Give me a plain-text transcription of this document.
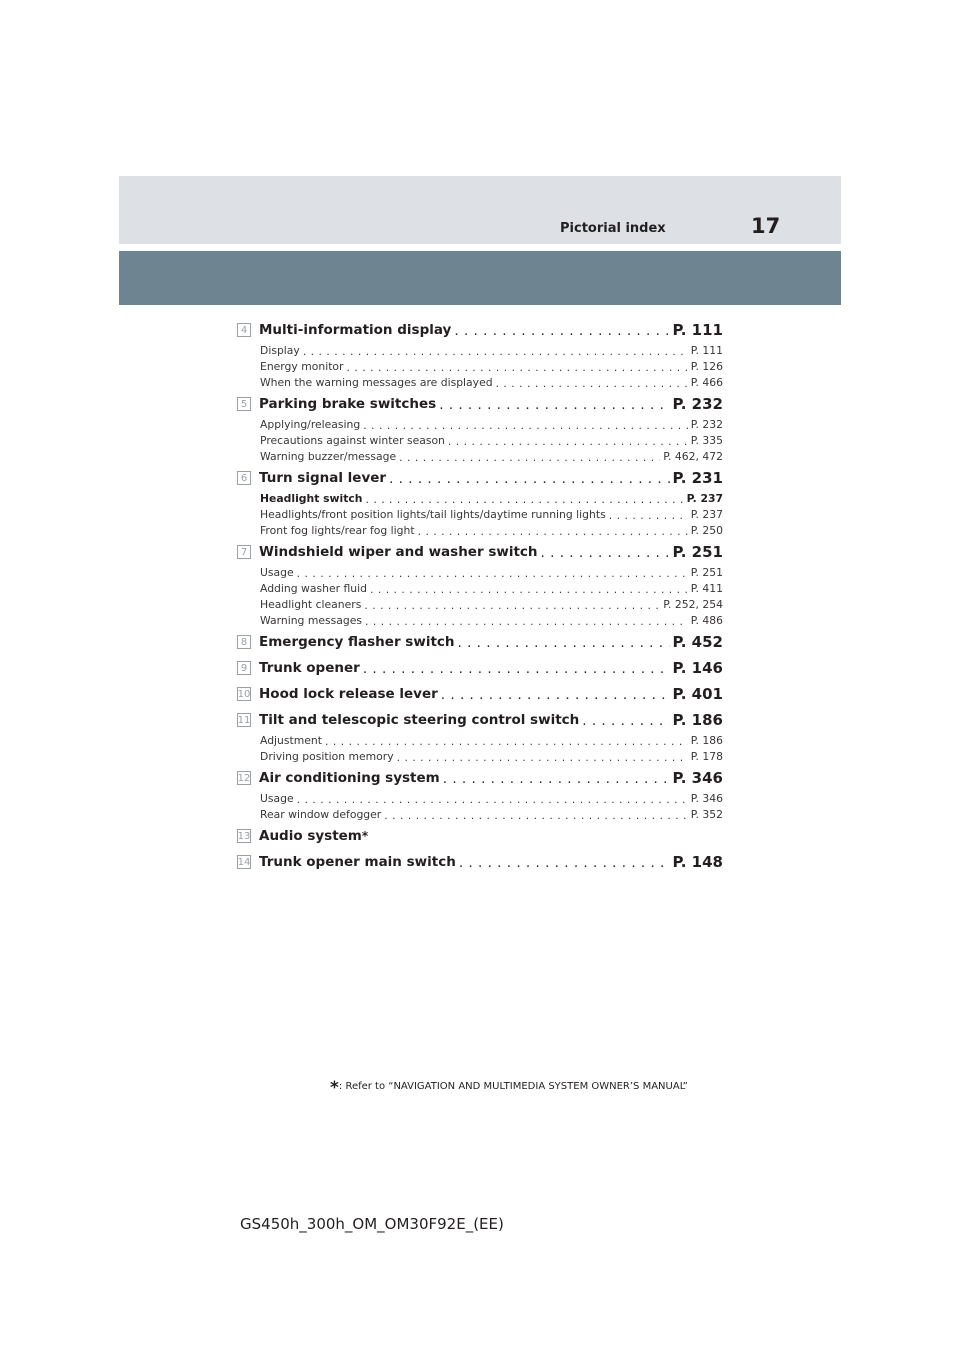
Pictorial index	17
4 Multi-information display . . .	P. 111
Display . . .	P. 111
Energy monitor . . .	P. 126
When the warning messages are displayed . . .	P. 466
5 Parking brake switches . . .	P. 232
Applying/releasing . . .	P. 232
Precautions against winter season . . .	P. 335
Warning buzzer/message . . .	P. 462, 472
6 Turn signal lever . . .	P. 231
Headlight switch . . .	P. 237
Headlights/front position lights/tail lights/daytime running lights . . .	P. 237
Front fog lights/rear fog light . . .	P. 250
7 Windshield wiper and washer switch . . .	P. 251
Usage . . .	P. 251
Adding washer fluid . . .	P. 411
Headlight cleaners . . .	P. 252, 254
Warning messages . . .	P. 486
8 Emergency flasher switch . . .	P. 452
9 Trunk opener . . .	P. 146
10 Hood lock release lever . . .	P. 401
11 Tilt and telescopic steering control switch . . .	P. 186
Adjustment . . .	P. 186
Driving position memory . . .	P. 178
12 Air conditioning system . . .	P. 346
Usage . . .	P. 346
Rear window defogger . . .	P. 352
13 Audio system *
14 Trunk opener main switch . . .	P. 148
*: Refer to “NAVIGATION AND MULTIMEDIA SYSTEM OWNER’S MANUAL”
GS450h_300h_OM_OM30F92E_(EE)
